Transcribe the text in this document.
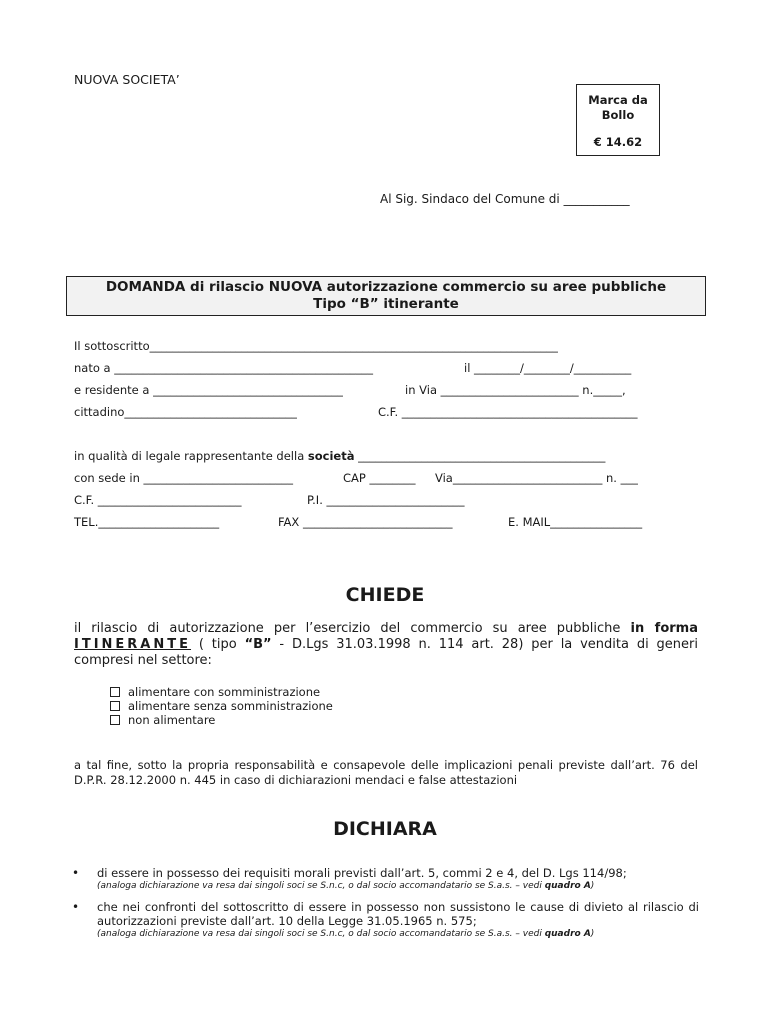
NUOVA SOCIETA’
Marca da
Bollo
€ 14.62
Al Sig. Sindaco del Comune di ___________
DOMANDA di rilascio NUOVA autorizzazione commercio su aree pubbliche
Tipo “B” itinerante
Il sottoscritto_______________________________________________________________________
nato a _____________________________________________	il ________/________/__________
e residente a _________________________________	in Via ________________________ n._____,
cittadino______________________________	C.F. _________________________________________
in qualità di legale rappresentante della società ___________________________________________
con sede in __________________________	CAP ________ Via__________________________ n. ___
C.F. _________________________	P.I. ________________________
TEL._____________________	FAX __________________________	E. MAIL________________
CHIEDE
il rilascio di autorizzazione per l’esercizio del commercio su aree pubbliche in forma ITINERANTE ( tipo “B” - D.Lgs 31.03.1998 n. 114 art. 28) per la vendita di generi compresi nel settore:
alimentare con somministrazione
alimentare senza somministrazione
non alimentare
a tal fine, sotto la propria responsabilità e consapevole delle implicazioni penali previste dall’art. 76 del D.P.R. 28.12.2000 n. 445 in caso di dichiarazioni mendaci e false attestazioni
DICHIARA
• di essere in possesso dei requisiti morali previsti dall’art. 5, commi 2 e 4, del D. Lgs 114/98;
(analoga dichiarazione va resa dai singoli soci se S.n.c, o dal socio accomandatario se S.a.s. – vedi quadro A)
• che nei confronti del sottoscritto di essere in possesso non sussistono le cause di divieto al rilascio di autorizzazioni previste dall’art. 10 della Legge 31.05.1965 n. 575;
(analoga dichiarazione va resa dai singoli soci se S.n.c, o dal socio accomandatario se S.a.s. – vedi quadro A)
